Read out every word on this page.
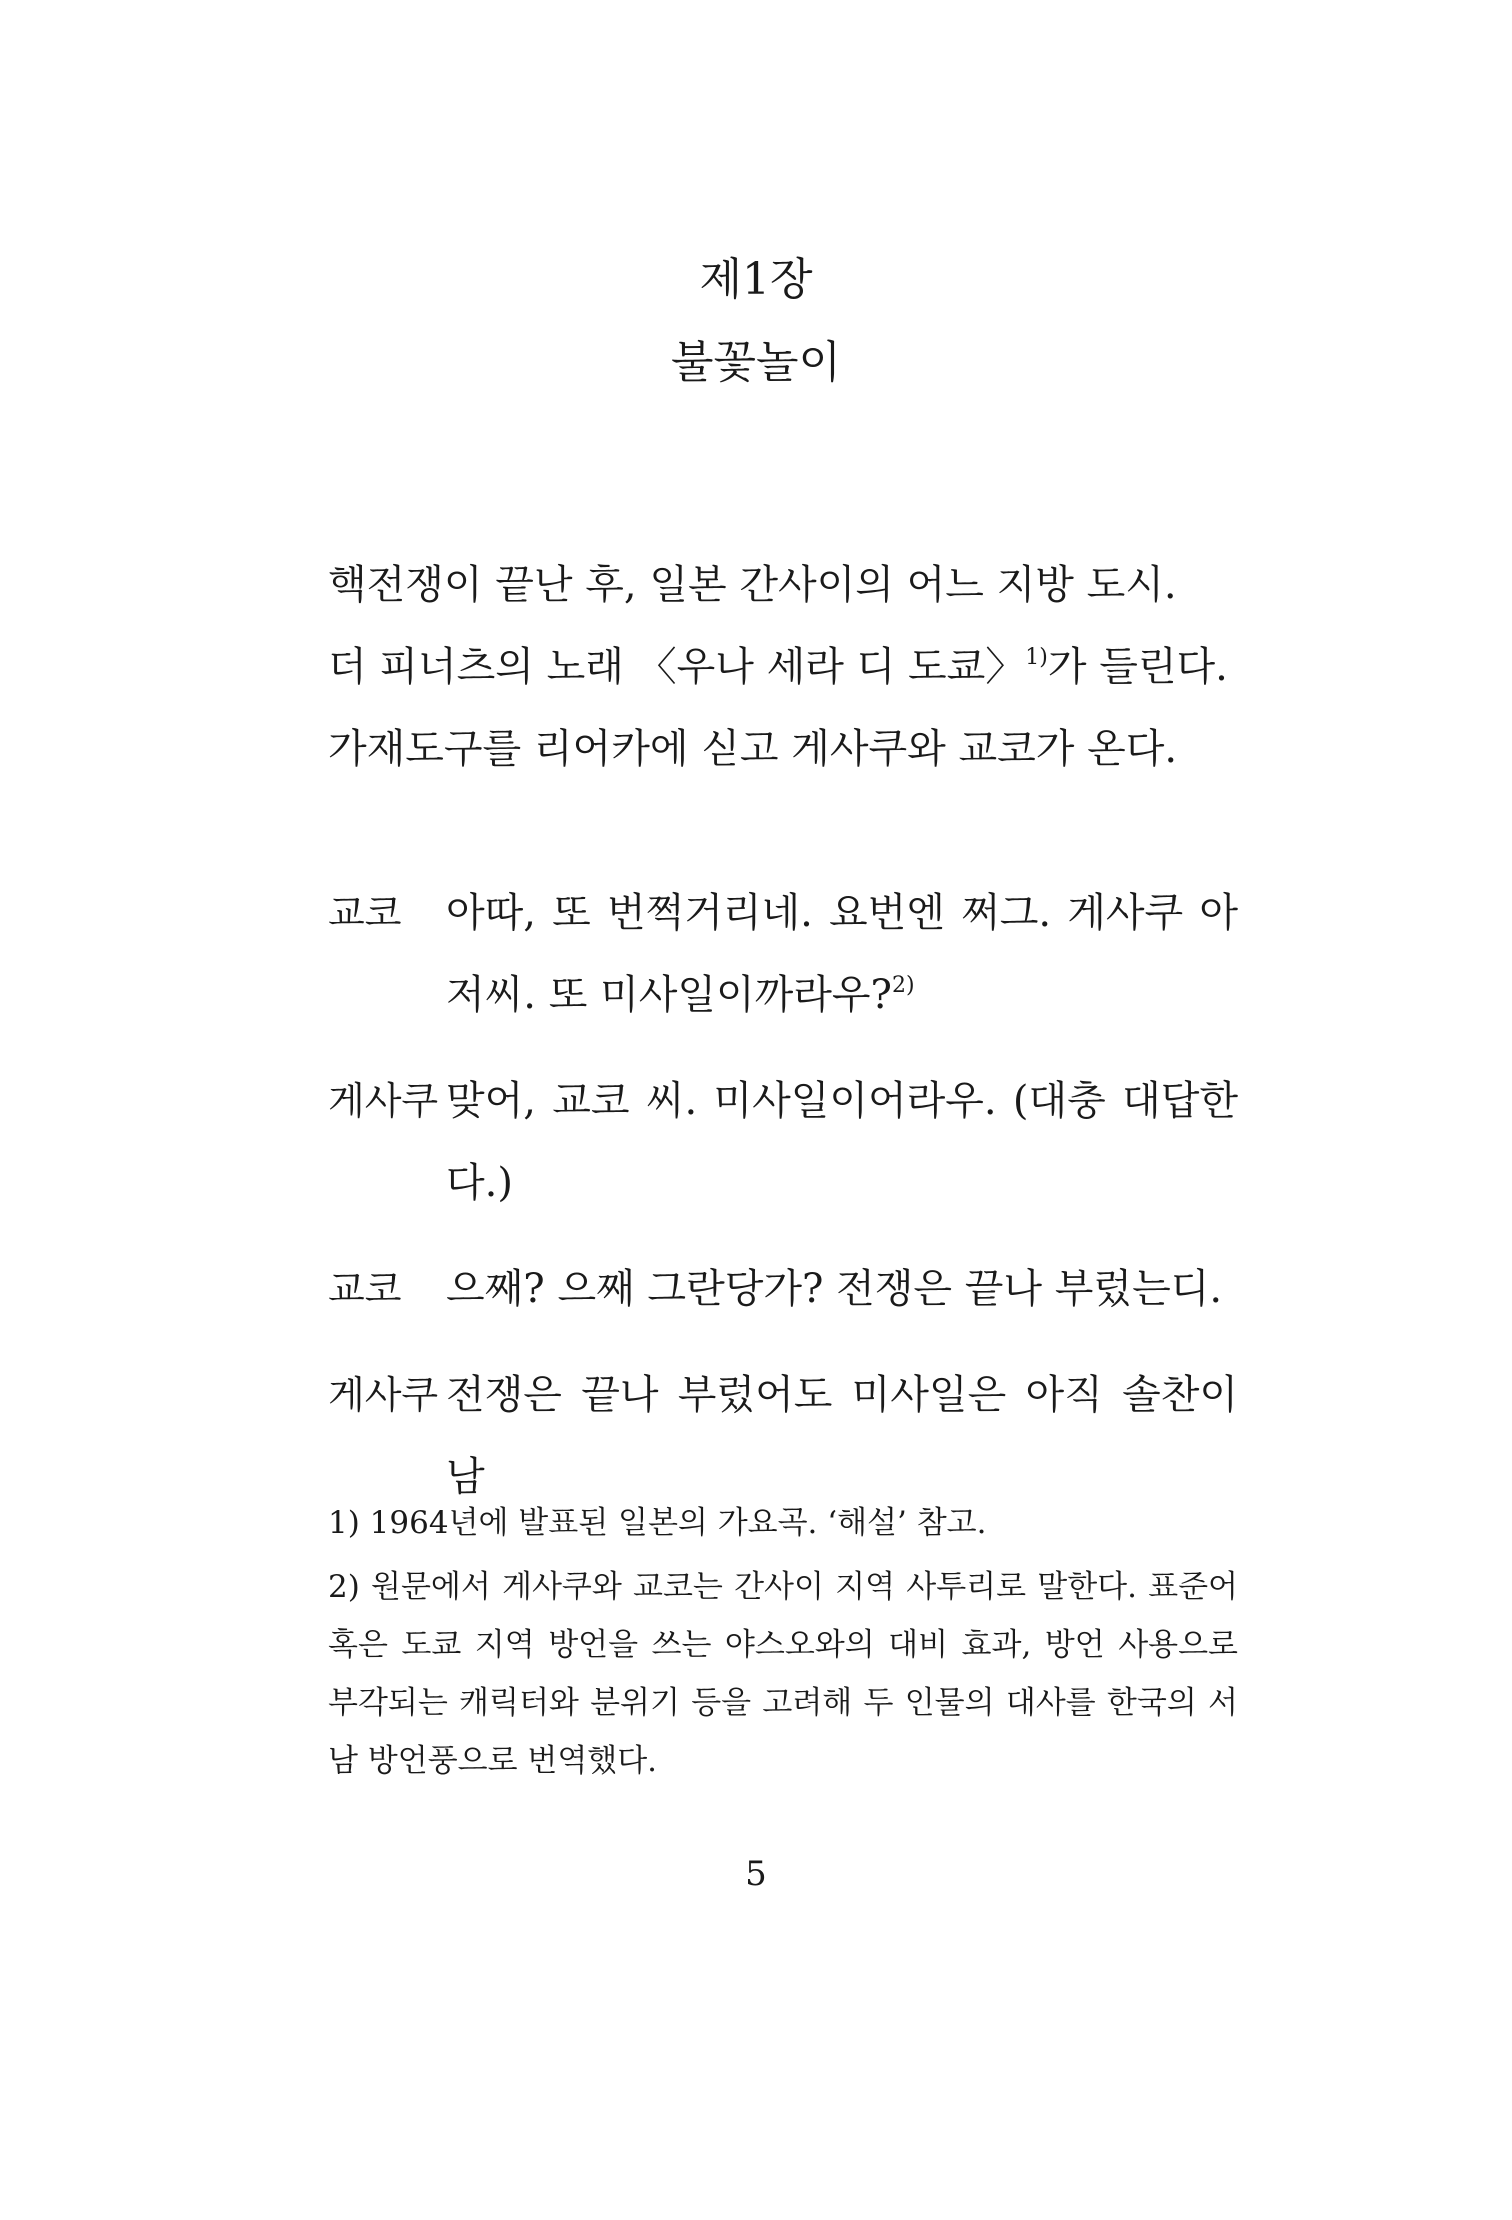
제1장
불꽃놀이
핵전쟁이 끝난 후, 일본 간사이의 어느 지방 도시.
더 피너츠의 노래 〈우나 세라 디 도쿄〉$^{1)}$가 들린다.
가재도구를 리어카에 싣고 게사쿠와 교코가 온다.
교코	아따, 또 번쩍거리네. 요번엔 쩌그. 게사쿠 아저씨. 또 미사일이까라우?$^{2)}$
게사쿠 맞어, 교코 씨. 미사일이어라우. (대충 대답한다.)
교코	으째? 으째 그란당가? 전쟁은 끝나 부렀는디.
게사쿠 전쟁은 끝나 부렀어도 미사일은 아직 솔찬이 남
1) 1964년에 발표된 일본의 가요곡. ‘해설’ 참고.
2) 원문에서 게사쿠와 교코는 간사이 지역 사투리로 말한다. 표준어 혹은 도쿄 지역 방언을 쓰는 야스오와의 대비 효과, 방언 사용으로 부각되는 캐릭터와 분위기 등을 고려해 두 인물의 대사를 한국의 서남 방언풍으로 번역했다.
5
